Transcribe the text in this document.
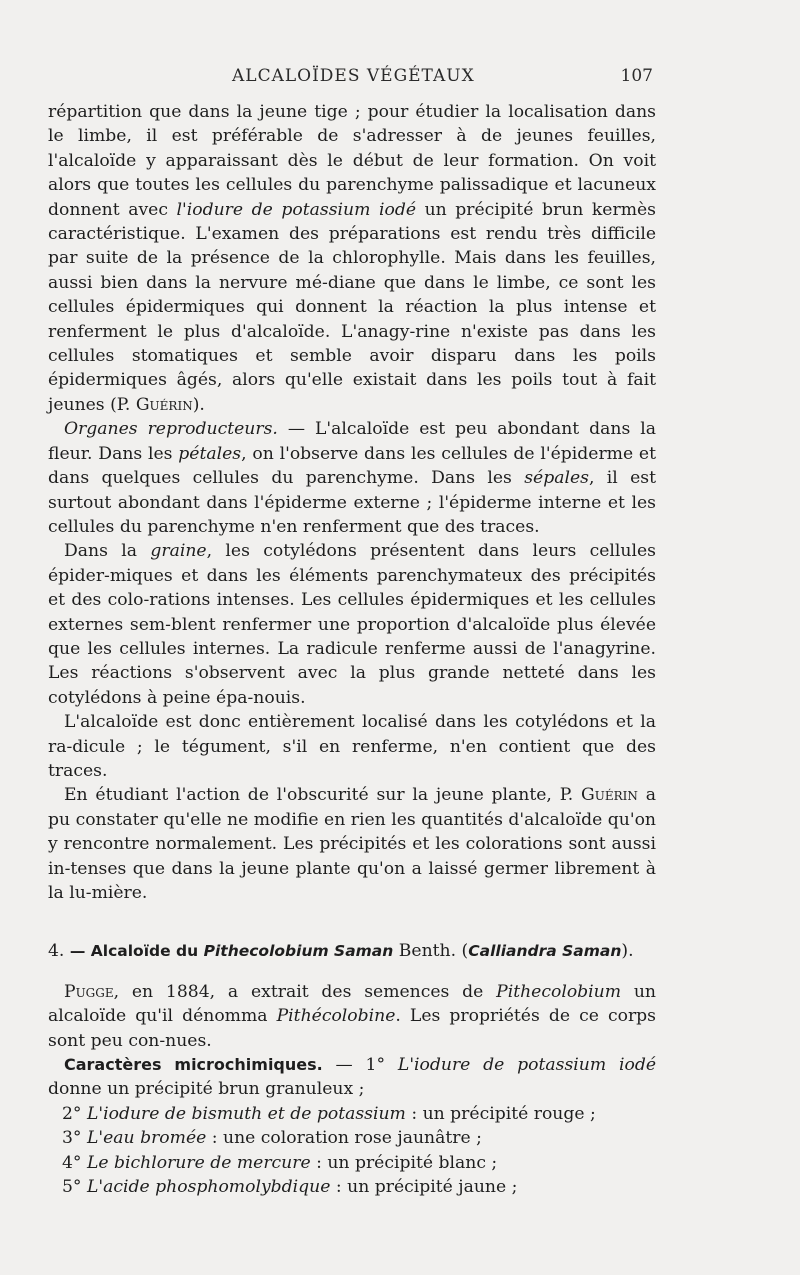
ALCALOÏDES VÉGÉTAUX	107

répartition que dans la jeune tige ; pour étudier la localisation dans le limbe, il est préférable de s'adresser à de jeunes feuilles, l'alcaloïde y apparaissant dès le début de leur formation. On voit alors que toutes les cellules du parenchyme palissadique et lacuneux donnent avec l'iodure de potassium iodé un précipité brun kermès caractéristique. L'examen des préparations est rendu très difficile par suite de la présence de la chlorophylle. Mais dans les feuilles, aussi bien dans la nervure mé-diane que dans le limbe, ce sont les cellules épidermiques qui donnent la réaction la plus intense et renferment le plus d'alcaloïde. L'anagy-rine n'existe pas dans les cellules stomatiques et semble avoir disparu dans les poils épidermiques âgés, alors qu'elle existait dans les poils tout à fait jeunes (P. Guérin).

Organes reproducteurs. — L'alcaloïde est peu abondant dans la fleur. Dans les pétales, on l'observe dans les cellules de l'épiderme et dans quelques cellules du parenchyme. Dans les sépales, il est surtout abondant dans l'épiderme externe ; l'épiderme interne et les cellules du parenchyme n'en renferment que des traces.

Dans la graine, les cotylédons présentent dans leurs cellules épider-miques et dans les éléments parenchymateux des précipités et des colo-rations intenses. Les cellules épidermiques et les cellules externes sem-blent renfermer une proportion d'alcaloïde plus élevée que les cellules internes. La radicule renferme aussi de l'anagyrine. Les réactions s'observent avec la plus grande netteté dans les cotylédons à peine épa-nouis.

L'alcaloïde est donc entièrement localisé dans les cotylédons et la ra-dicule ; le tégument, s'il en renferme, n'en contient que des traces.

En étudiant l'action de l'obscurité sur la jeune plante, P. Guérin a pu constater qu'elle ne modifie en rien les quantités d'alcaloïde qu'on y rencontre normalement. Les précipités et les colorations sont aussi in-tenses que dans la jeune plante qu'on a laissé germer librement à la lu-mière.

4. — Alcaloïde du Pithecolobium Saman Benth. (Calliandra Saman).

Pugge, en 1884, a extrait des semences de Pithecolobium un alcaloïde qu'il dénomma Pithécolobine. Les propriétés de ce corps sont peu con-nues.

Caractères microchimiques. — 1° L'iodure de potassium iodé donne un précipité brun granuleux ;

2° L'iodure de bismuth et de potassium : un précipité rouge ;

3° L'eau bromée : une coloration rose jaunâtre ;

4° Le bichlorure de mercure : un précipité blanc ;

5° L'acide phosphomolybdique : un précipité jaune ;
